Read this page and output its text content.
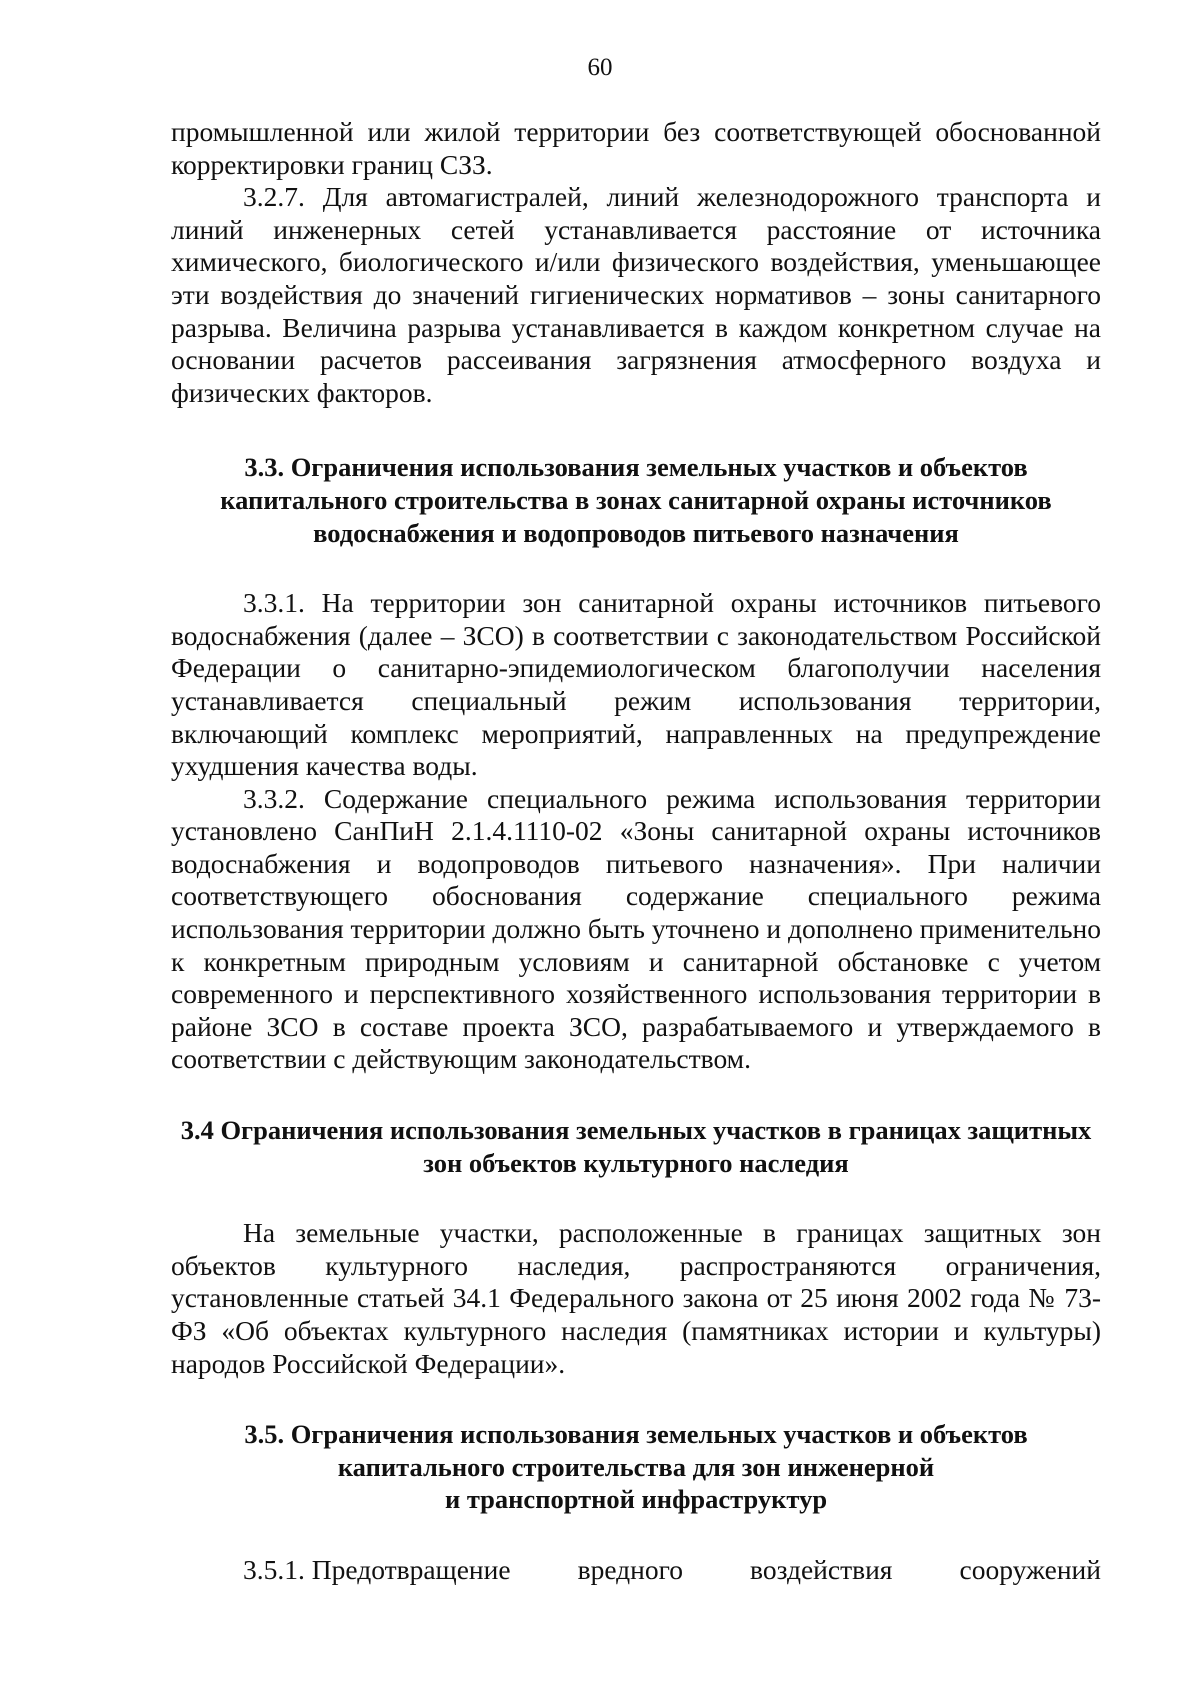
60

промышленной или жилой территории без соответствующей обоснованной корректировки границ СЗЗ.

3.2.7. Для автомагистралей, линий железнодорожного транспорта и линий инженерных сетей устанавливается расстояние от источника химического, биологического и/или физического воздействия, уменьшающее эти воздействия до значений гигиенических нормативов – зоны санитарного разрыва. Величина разрыва устанавливается в каждом конкретном случае на основании расчетов рассеивания загрязнения атмосферного воздуха и физических факторов.

3.3. Ограничения использования земельных участков и объектов капитального строительства в зонах санитарной охраны источников водоснабжения и водопроводов питьевого назначения

3.3.1. На территории зон санитарной охраны источников питьевого водоснабжения (далее – ЗСО) в соответствии с законодательством Российской Федерации о санитарно-эпидемиологическом благополучии населения устанавливается специальный режим использования территории, включающий комплекс мероприятий, направленных на предупреждение ухудшения качества воды.

3.3.2. Содержание специального режима использования территории установлено СанПиН 2.1.4.1110-02 «Зоны санитарной охраны источников водоснабжения и водопроводов питьевого назначения». При наличии соответствующего обоснования содержание специального режима использования территории должно быть уточнено и дополнено применительно к конкретным природным условиям и санитарной обстановке с учетом современного и перспективного хозяйственного использования территории в районе ЗСО в составе проекта ЗСО, разрабатываемого и утверждаемого в соответствии с действующим законодательством.

3.4 Ограничения использования земельных участков в границах защитных зон объектов культурного наследия

На земельные участки, расположенные в границах защитных зон объектов культурного наследия, распространяются ограничения, установленные статьей 34.1 Федерального закона от 25 июня 2002 года № 73-ФЗ «Об объектах культурного наследия (памятниках истории и культуры) народов Российской Федерации».

3.5. Ограничения использования земельных участков и объектов
капитального строительства для зон инженерной
и транспортной инфраструктур
3.5.1. Предотвращение вредного воздействия сооружений
